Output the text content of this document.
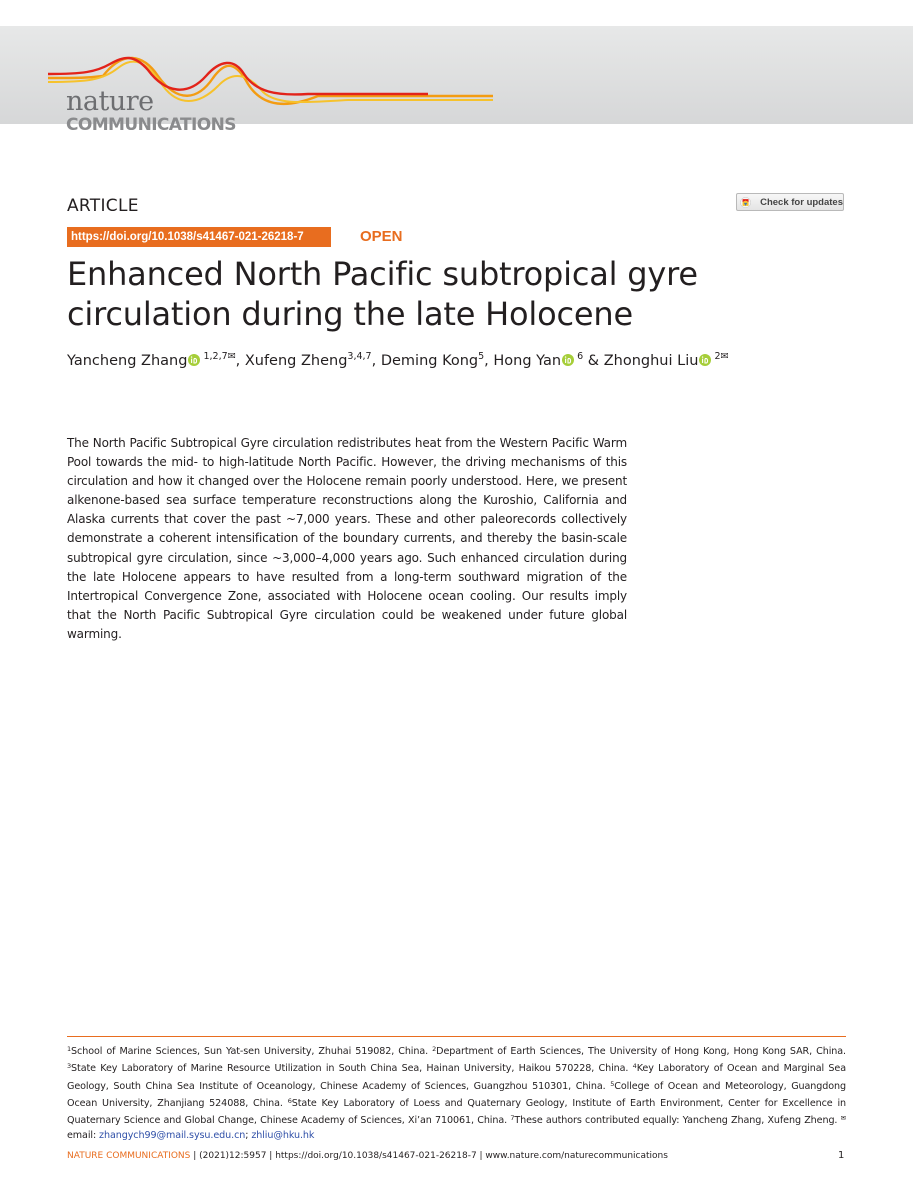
nature
COMMUNICATIONS
ARTICLE	Check for updates
https://doi.org/10.1038/s41467-021-26218-7	OPEN
Enhanced North Pacific subtropical gyre circulation during the late Holocene
Yancheng Zhang $^{1,2,7✉}$, Xufeng Zheng$^{3,4,7}$, Deming Kong$^5$, Hong Yan $^6$ & Zhonghui Liu $^{2✉}$

The North Pacific Subtropical Gyre circulation redistributes heat from the Western Pacific Warm Pool towards the mid- to high-latitude North Pacific. However, the driving mechanisms of this circulation and how it changed over the Holocene remain poorly understood. Here, we present alkenone-based sea surface temperature reconstructions along the Kuroshio, California and Alaska currents that cover the past ~7,000 years. These and other paleorecords collectively demonstrate a coherent intensification of the boundary currents, and thereby the basin-scale subtropical gyre circulation, since ~3,000–4,000 years ago. Such enhanced circulation during the late Holocene appears to have resulted from a long-term southward migration of the Intertropical Convergence Zone, associated with Holocene ocean cooling. Our results imply that the North Pacific Subtropical Gyre circulation could be weakened under future global warming.

$^1$School of Marine Sciences, Sun Yat-sen University, Zhuhai 519082, China. $^2$Department of Earth Sciences, The University of Hong Kong, Hong Kong SAR, China. $^3$State Key Laboratory of Marine Resource Utilization in South China Sea, Hainan University, Haikou 570228, China. $^4$Key Laboratory of Ocean and Marginal Sea Geology, South China Sea Institute of Oceanology, Chinese Academy of Sciences, Guangzhou 510301, China. $^5$College of Ocean and Meteorology, Guangdong Ocean University, Zhanjiang 524088, China. $^6$State Key Laboratory of Loess and Quaternary Geology, Institute of Earth Environment, Center for Excellence in Quaternary Science and Global Change, Chinese Academy of Sciences, Xi’an 710061, China. $^7$These authors contributed equally: Yancheng Zhang, Xufeng Zheng. ✉email: zhangych99@mail.sysu.edu.cn; zhliu@hku.hk

NATURE COMMUNICATIONS | (2021)12:5957 | https://doi.org/10.1038/s41467-021-26218-7 | www.nature.com/naturecommunications	1
